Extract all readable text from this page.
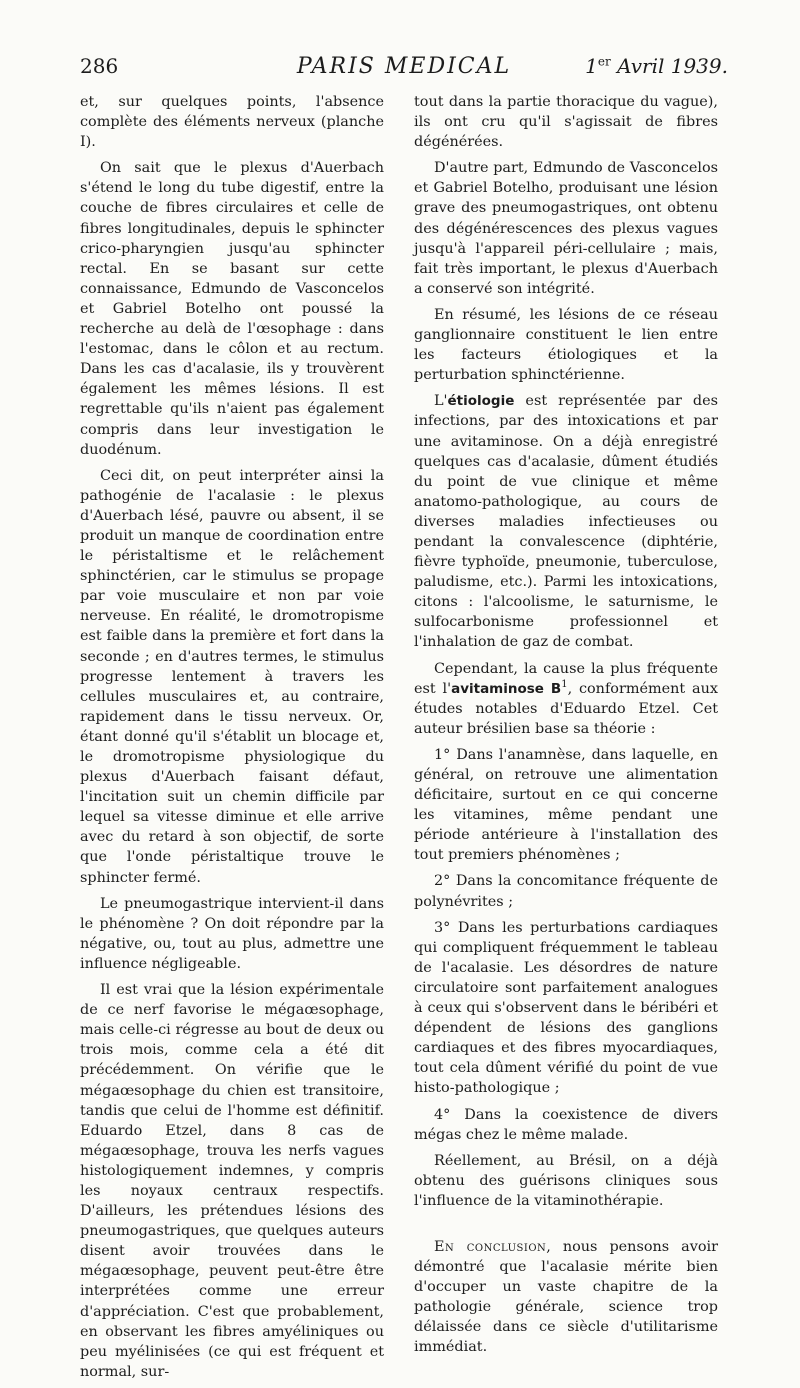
286	PARIS MEDICAL	1er Avril 1939.

et, sur quelques points, l'absence complète des éléments nerveux (planche I).

On sait que le plexus d'Auerbach s'étend le long du tube digestif, entre la couche de fibres circulaires et celle de fibres longitudinales, depuis le sphincter crico-pharyngien jusqu'au sphincter rectal. En se basant sur cette connaissance, Edmundo de Vasconcelos et Gabriel Botelho ont poussé la recherche au delà de l'œsophage : dans l'estomac, dans le côlon et au rectum. Dans les cas d'acalasie, ils y trouvèrent également les mêmes lésions. Il est regrettable qu'ils n'aient pas également compris dans leur investigation le duodénum.

Ceci dit, on peut interpréter ainsi la pathogénie de l'acalasie : le plexus d'Auerbach lésé, pauvre ou absent, il se produit un manque de coordination entre le péristaltisme et le relâchement sphinctérien, car le stimulus se propage par voie musculaire et non par voie nerveuse. En réalité, le dromotropisme est faible dans la première et fort dans la seconde ; en d'autres termes, le stimulus progresse lentement à travers les cellules musculaires et, au contraire, rapidement dans le tissu nerveux. Or, étant donné qu'il s'établit un blocage et, le dromotropisme physiologique du plexus d'Auerbach faisant défaut, l'incitation suit un chemin difficile par lequel sa vitesse diminue et elle arrive avec du retard à son objectif, de sorte que l'onde péristaltique trouve le sphincter fermé.

Le pneumogastrique intervient-il dans le phénomène ? On doit répondre par la négative, ou, tout au plus, admettre une influence négligeable.

Il est vrai que la lésion expérimentale de ce nerf favorise le mégaœsophage, mais celle-ci régresse au bout de deux ou trois mois, comme cela a été dit précédemment. On vérifie que le mégaœsophage du chien est transitoire, tandis que celui de l'homme est définitif. Eduardo Etzel, dans 8 cas de mégaœsophage, trouva les nerfs vagues histologiquement indemnes, y compris les noyaux centraux respectifs. D'ailleurs, les prétendues lésions des pneumogastriques, que quelques auteurs disent avoir trouvées dans le mégaœsophage, peuvent peut-être être interprétées comme une erreur d'appréciation. C'est que probablement, en observant les fibres amyéliniques ou peu myélinisées (ce qui est fréquent et normal, sur-

tout dans la partie thoracique du vague), ils ont cru qu'il s'agissait de fibres dégénérées.

D'autre part, Edmundo de Vasconcelos et Gabriel Botelho, produisant une lésion grave des pneumogastriques, ont obtenu des dégénérescences des plexus vagues jusqu'à l'appareil péri-cellulaire ; mais, fait très important, le plexus d'Auerbach a conservé son intégrité.

En résumé, les lésions de ce réseau ganglionnaire constituent le lien entre les facteurs étiologiques et la perturbation sphinctérienne.

L'étiologie est représentée par des infections, par des intoxications et par une avitaminose. On a déjà enregistré quelques cas d'acalasie, dûment étudiés du point de vue clinique et même anatomo-pathologique, au cours de diverses maladies infectieuses ou pendant la convalescence (diphtérie, fièvre typhoïde, pneumonie, tuberculose, paludisme, etc.). Parmi les intoxications, citons : l'alcoolisme, le saturnisme, le sulfocarbonisme professionnel et l'inhalation de gaz de combat.

Cependant, la cause la plus fréquente est l'avitaminose B$^1$, conformément aux études notables d'Eduardo Etzel. Cet auteur brésilien base sa théorie :

1° Dans l'anamnèse, dans laquelle, en général, on retrouve une alimentation déficitaire, surtout en ce qui concerne les vitamines, même pendant une période antérieure à l'installation des tout premiers phénomènes ;

2° Dans la concomitance fréquente de polynévrites ;

3° Dans les perturbations cardiaques qui compliquent fréquemment le tableau de l'acalasie. Les désordres de nature circulatoire sont parfaitement analogues à ceux qui s'observent dans le béribéri et dépendent de lésions des ganglions cardiaques et des fibres myocardiaques, tout cela dûment vérifié du point de vue histo-pathologique ;

4° Dans la coexistence de divers mégas chez le même malade.

Réellement, au Brésil, on a déjà obtenu des guérisons cliniques sous l'influence de la vitaminothérapie.

En conclusion, nous pensons avoir démontré que l'acalasie mérite bien d'occuper un vaste chapitre de la pathologie générale, science trop délaissée dans ce siècle d'utilitarisme immédiat.
